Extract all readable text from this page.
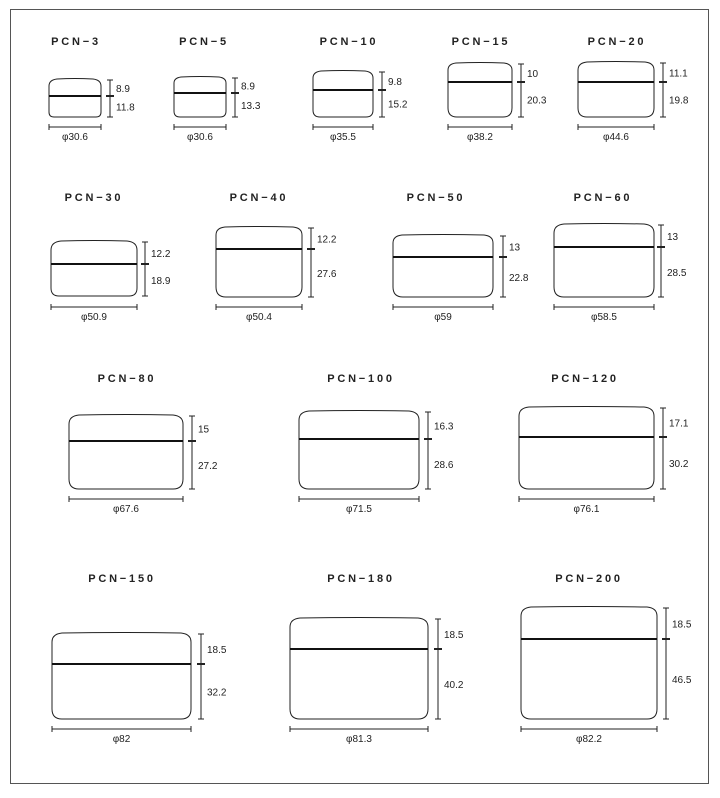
PCN−3
8.9
11.8
φ30.6
PCN−5
8.9
13.3
φ30.6
PCN−10
9.8
15.2
φ35.5
PCN−15
10
20.3
φ38.2
PCN−20
11.1
19.8
φ44.6
PCN−30
12.2
18.9
φ50.9
PCN−40
12.2
27.6
φ50.4
PCN−50
13
22.8
φ59
PCN−60
13
28.5
φ58.5
PCN−80
15
27.2
φ67.6
PCN−100
16.3
28.6
φ71.5
PCN−120
17.1
30.2
φ76.1
PCN−150
18.5
32.2
φ82
PCN−180
18.5
40.2
φ81.3
PCN−200
18.5
46.5
φ82.2
